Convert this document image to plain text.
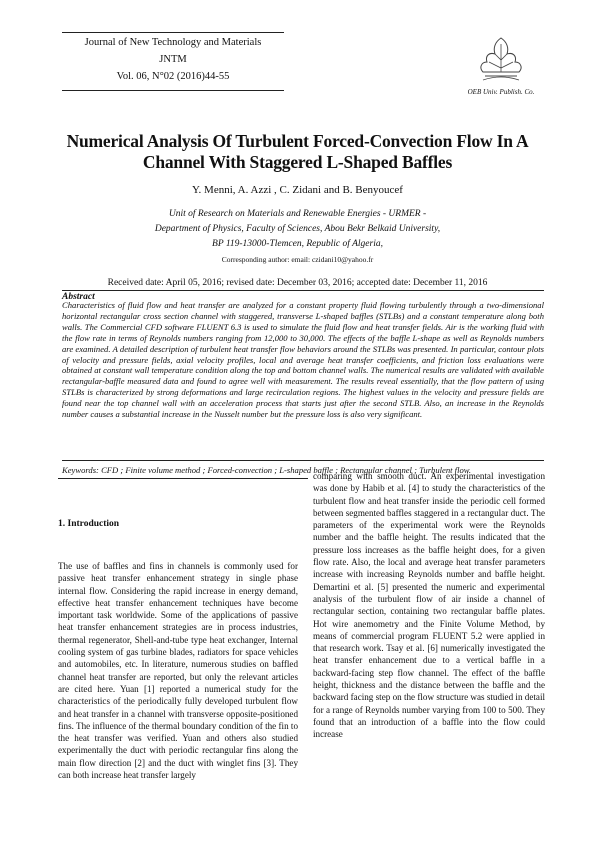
Journal of New Technology and Materials
JNTM
Vol. 06, N°02 (2016)44-55
OEB Univ. Publish. Co.
Numerical Analysis Of Turbulent Forced-Convection Flow In A
Channel With Staggered L-Shaped Baffles
Y. Menni, A. Azzi , C. Zidani and B. Benyoucef
Unit of Research on Materials and Renewable Energies - URMER -
Department of Physics, Faculty of Sciences, Abou Bekr Belkaid University,
BP 119-13000-Tlemcen, Republic of Algeria,
Corresponding author: email: czidani10@yahoo.fr
Received date: April 05, 2016; revised date: December 03, 2016; accepted date: December 11, 2016
Abstract
Characteristics of fluid flow and heat transfer are analyzed for a constant property fluid flowing turbulently through a two-dimensional horizontal rectangular cross section channel with staggered, transverse L-shaped baffles (STLBs) and a constant temperature along both walls. The Commercial CFD software FLUENT 6.3 is used to simulate the fluid flow and heat transfer fields. Air is the working fluid with the flow rate in terms of Reynolds numbers ranging from 12,000 to 30,000. The effects of the baffle L-shape as well as Reynolds numbers are examined. A detailed description of turbulent heat transfer flow behaviors around the STLBs was presented. In particular, contour plots of velocity and pressure fields, axial velocity profiles, local and average heat transfer coefficients, and friction loss evaluations were obtained at constant wall temperature condition along the top and bottom channel walls. The numerical results are validated with available rectangular-baffle measured data and found to agree well with measurement. The results reveal essentially, that the flow pattern of using STLBs is characterized by strong deformations and large recirculation regions. The highest values in the velocity and pressure fields are found near the top channel wall with an acceleration process that starts just after the second STLB. Also, an increase in the Reynolds number causes a substantial increase in the Nusselt number but the pressure loss is also very significant.
Keywords: CFD ; Finite volume method ; Forced-convection ; L-shaped baffle ; Rectangular channel ; Turbulent flow.
1. Introduction
The use of baffles and fins in channels is commonly used for passive heat transfer enhancement strategy in single phase internal flow. Considering the rapid increase in energy demand, effective heat transfer enhancement techniques have become important task worldwide. Some of the applications of passive heat transfer enhancement strategies are in process industries, thermal regenerator, Shell-and-tube type heat exchanger, Internal cooling system of gas turbine blades, radiators for space vehicles and automobiles, etc. In literature, numerous studies on baffled channel heat transfer are reported, but only the relevant articles are cited here. Yuan [1] reported a numerical study for the characteristics of the periodically fully developed turbulent flow and heat transfer in a channel with transverse opposite-positioned fins. The influence of the thermal boundary condition of the fin to the heat transfer was verified. Yuan and others also studied experimentally the duct with periodic rectangular fins along the main flow direction [2] and the duct with winglet fins [3]. They can both increase heat transfer largely
comparing with smooth duct. An experimental investigation was done by Habib et al. [4] to study the characteristics of the turbulent flow and heat transfer inside the periodic cell formed between segmented baffles staggered in a rectangular duct. The parameters of the experimental work were the Reynolds number and the baffle height. The results indicated that the pressure loss increases as the baffle height does, for a given flow rate. Also, the local and average heat transfer parameters increase with increasing Reynolds number and baffle height. Demartini et al. [5] presented the numeric and experimental analysis of the turbulent flow of air inside a channel of rectangular section, containing two rectangular baffle plates. Hot wire anemometry and the Finite Volume Method, by means of commercial program FLUENT 5.2 were applied in that research work. Tsay et al. [6] numerically investigated the heat transfer enhancement due to a vertical baffle in a backward-facing step flow channel. The effect of the baffle height, thickness and the distance between the baffle and the backward facing step on the flow structure was studied in detail for a range of Reynolds number varying from 100 to 500. They found that an introduction of a baffle into the flow could increase
